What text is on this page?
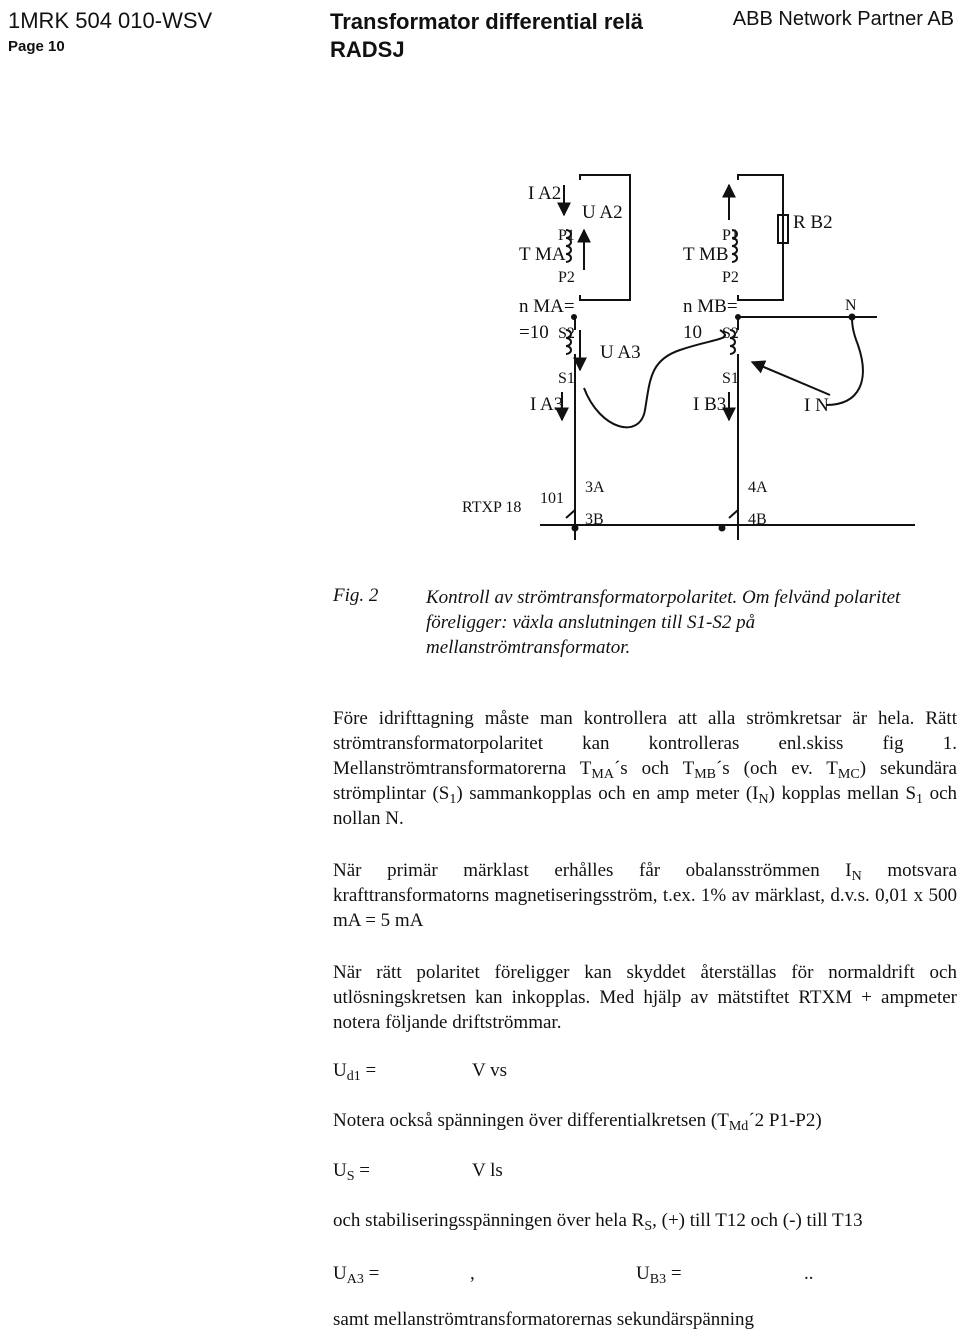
1MRK 504 010-WSV
Page 10
Transformator differential relä RADSJ
ABB Network Partner AB
I A2
U A2
T MA
P1
P2
n MA=
=10 S2
U A3
S1
I A3
T MB
P1
P2
n MB=
10 S2
S1
I B3
R B2
N
I N
RTXP 18
101
3A
3B
4A
4B
Fig. 2	Kontroll av strömtransformatorpolaritet. Om felvänd polaritet föreligger: växla anslutningen till S1-S2 på mellanströmtransformator.

Före idrifttagning måste man kontrollera att alla strömkretsar är hela. Rätt strömtransformatorpolaritet kan kontrolleras enl.skiss fig 1. Mellanströmtransformatorerna $T_{MA}´s$ och $T_{MB}´s$ (och ev. $T_{MC}$) sekundära strömplintar $(S_1)$ sammankopplas och en amp meter $(I_N)$ kopplas mellan $S_1$ och nollan N.

När primär märklast erhålles får obalansströmmen $I_N$ motsvara krafttransformatorns magnetiseringsström, t.ex. 1% av märklast, d.v.s. 0,01 x 500 mA = 5 mA

När rätt polaritet föreligger kan skyddet återställas för normaldrift och utlösningskretsen kan inkopplas. Med hjälp av mätstiftet RTXM + ampmeter notera följande driftströmmar.

$U_{d1}$ =	V vs
Notera också spänningen över differentialkretsen ($T_{Md}´2$ P1-P2)
$U_S$ =	V ls
och stabiliseringsspänningen över hela $R_S$, (+) till T12 och (-) till T13
$U_{A3}$ =	,	$U_{B3}$ =	..
samt mellanströmtransformatorernas sekundärspänning
